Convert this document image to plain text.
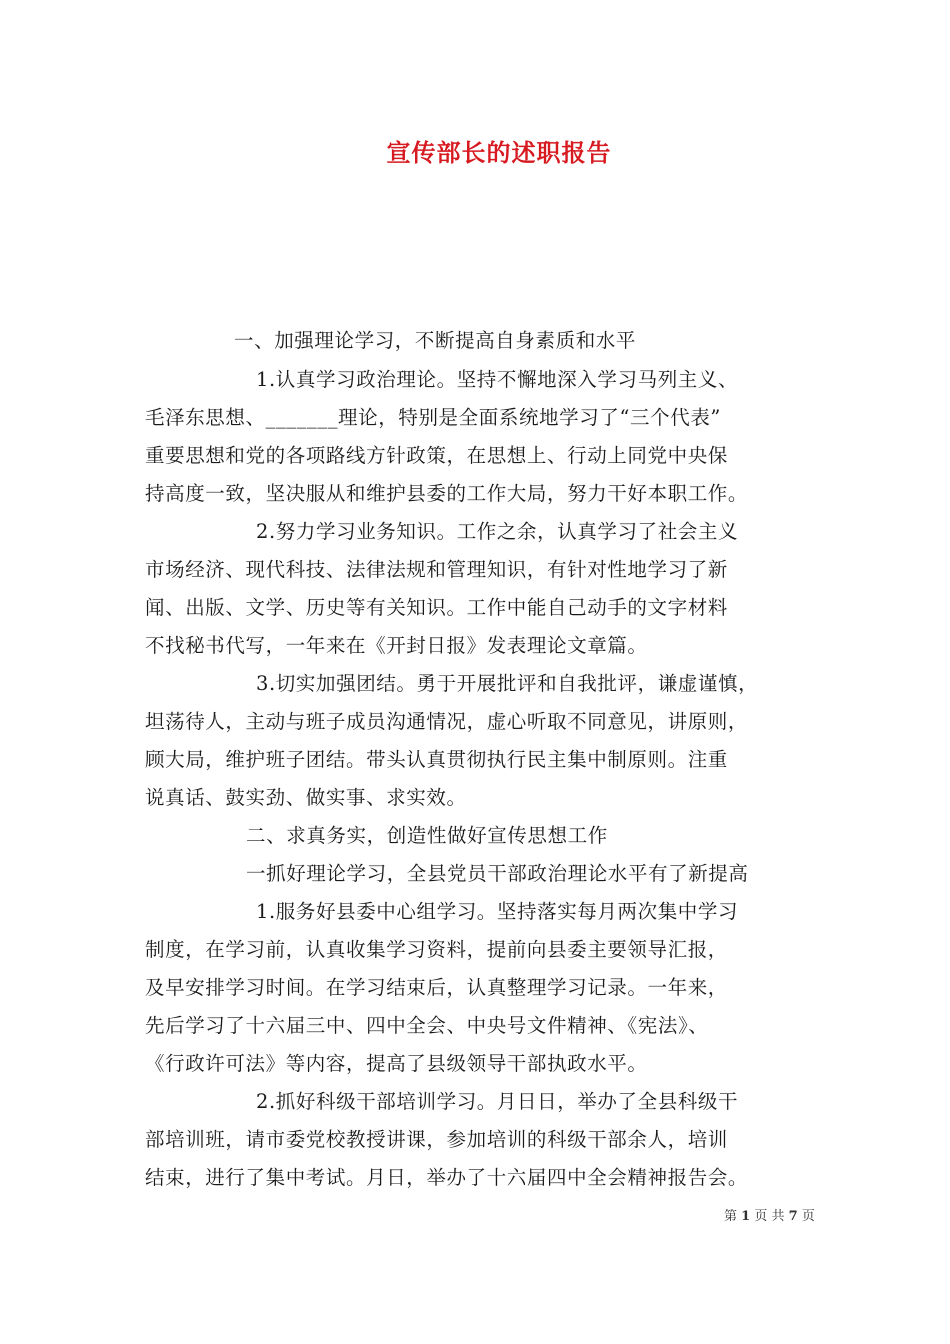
宣传部长的述职报告
一、加强理论学习，不断提高自身素质和水平
1.认真学习政治理论。坚持不懈地深入学习马列主义、
毛泽东思想、_______理论，特别是全面系统地学习了“三个代表”
重要思想和党的各项路线方针政策，在思想上、行动上同党中央保
持高度一致，坚决服从和维护县委的工作大局，努力干好本职工作。
2.努力学习业务知识。工作之余，认真学习了社会主义
市场经济、现代科技、法律法规和管理知识，有针对性地学习了新
闻、出版、文学、历史等有关知识。工作中能自己动手的文字材料
不找秘书代写，一年来在《开封日报》发表理论文章篇。
3.切实加强团结。勇于开展批评和自我批评，谦虚谨慎，
坦荡待人，主动与班子成员沟通情况，虚心听取不同意见，讲原则，
顾大局，维护班子团结。带头认真贯彻执行民主集中制原则。注重
说真话、鼓实劲、做实事、求实效。
二、求真务实，创造性做好宣传思想工作
一抓好理论学习，全县党员干部政治理论水平有了新提高
1.服务好县委中心组学习。坚持落实每月两次集中学习
制度，在学习前，认真收集学习资料，提前向县委主要领导汇报，
及早安排学习时间。在学习结束后，认真整理学习记录。一年来，
先后学习了十六届三中、四中全会、中央号文件精神、《宪法》、
《行政许可法》等内容，提高了县级领导干部执政水平。
2.抓好科级干部培训学习。月日日，举办了全县科级干
部培训班，请市委党校教授讲课，参加培训的科级干部余人，培训
结束，进行了集中考试。月日，举办了十六届四中全会精神报告会。
第 1 页 共 7 页
